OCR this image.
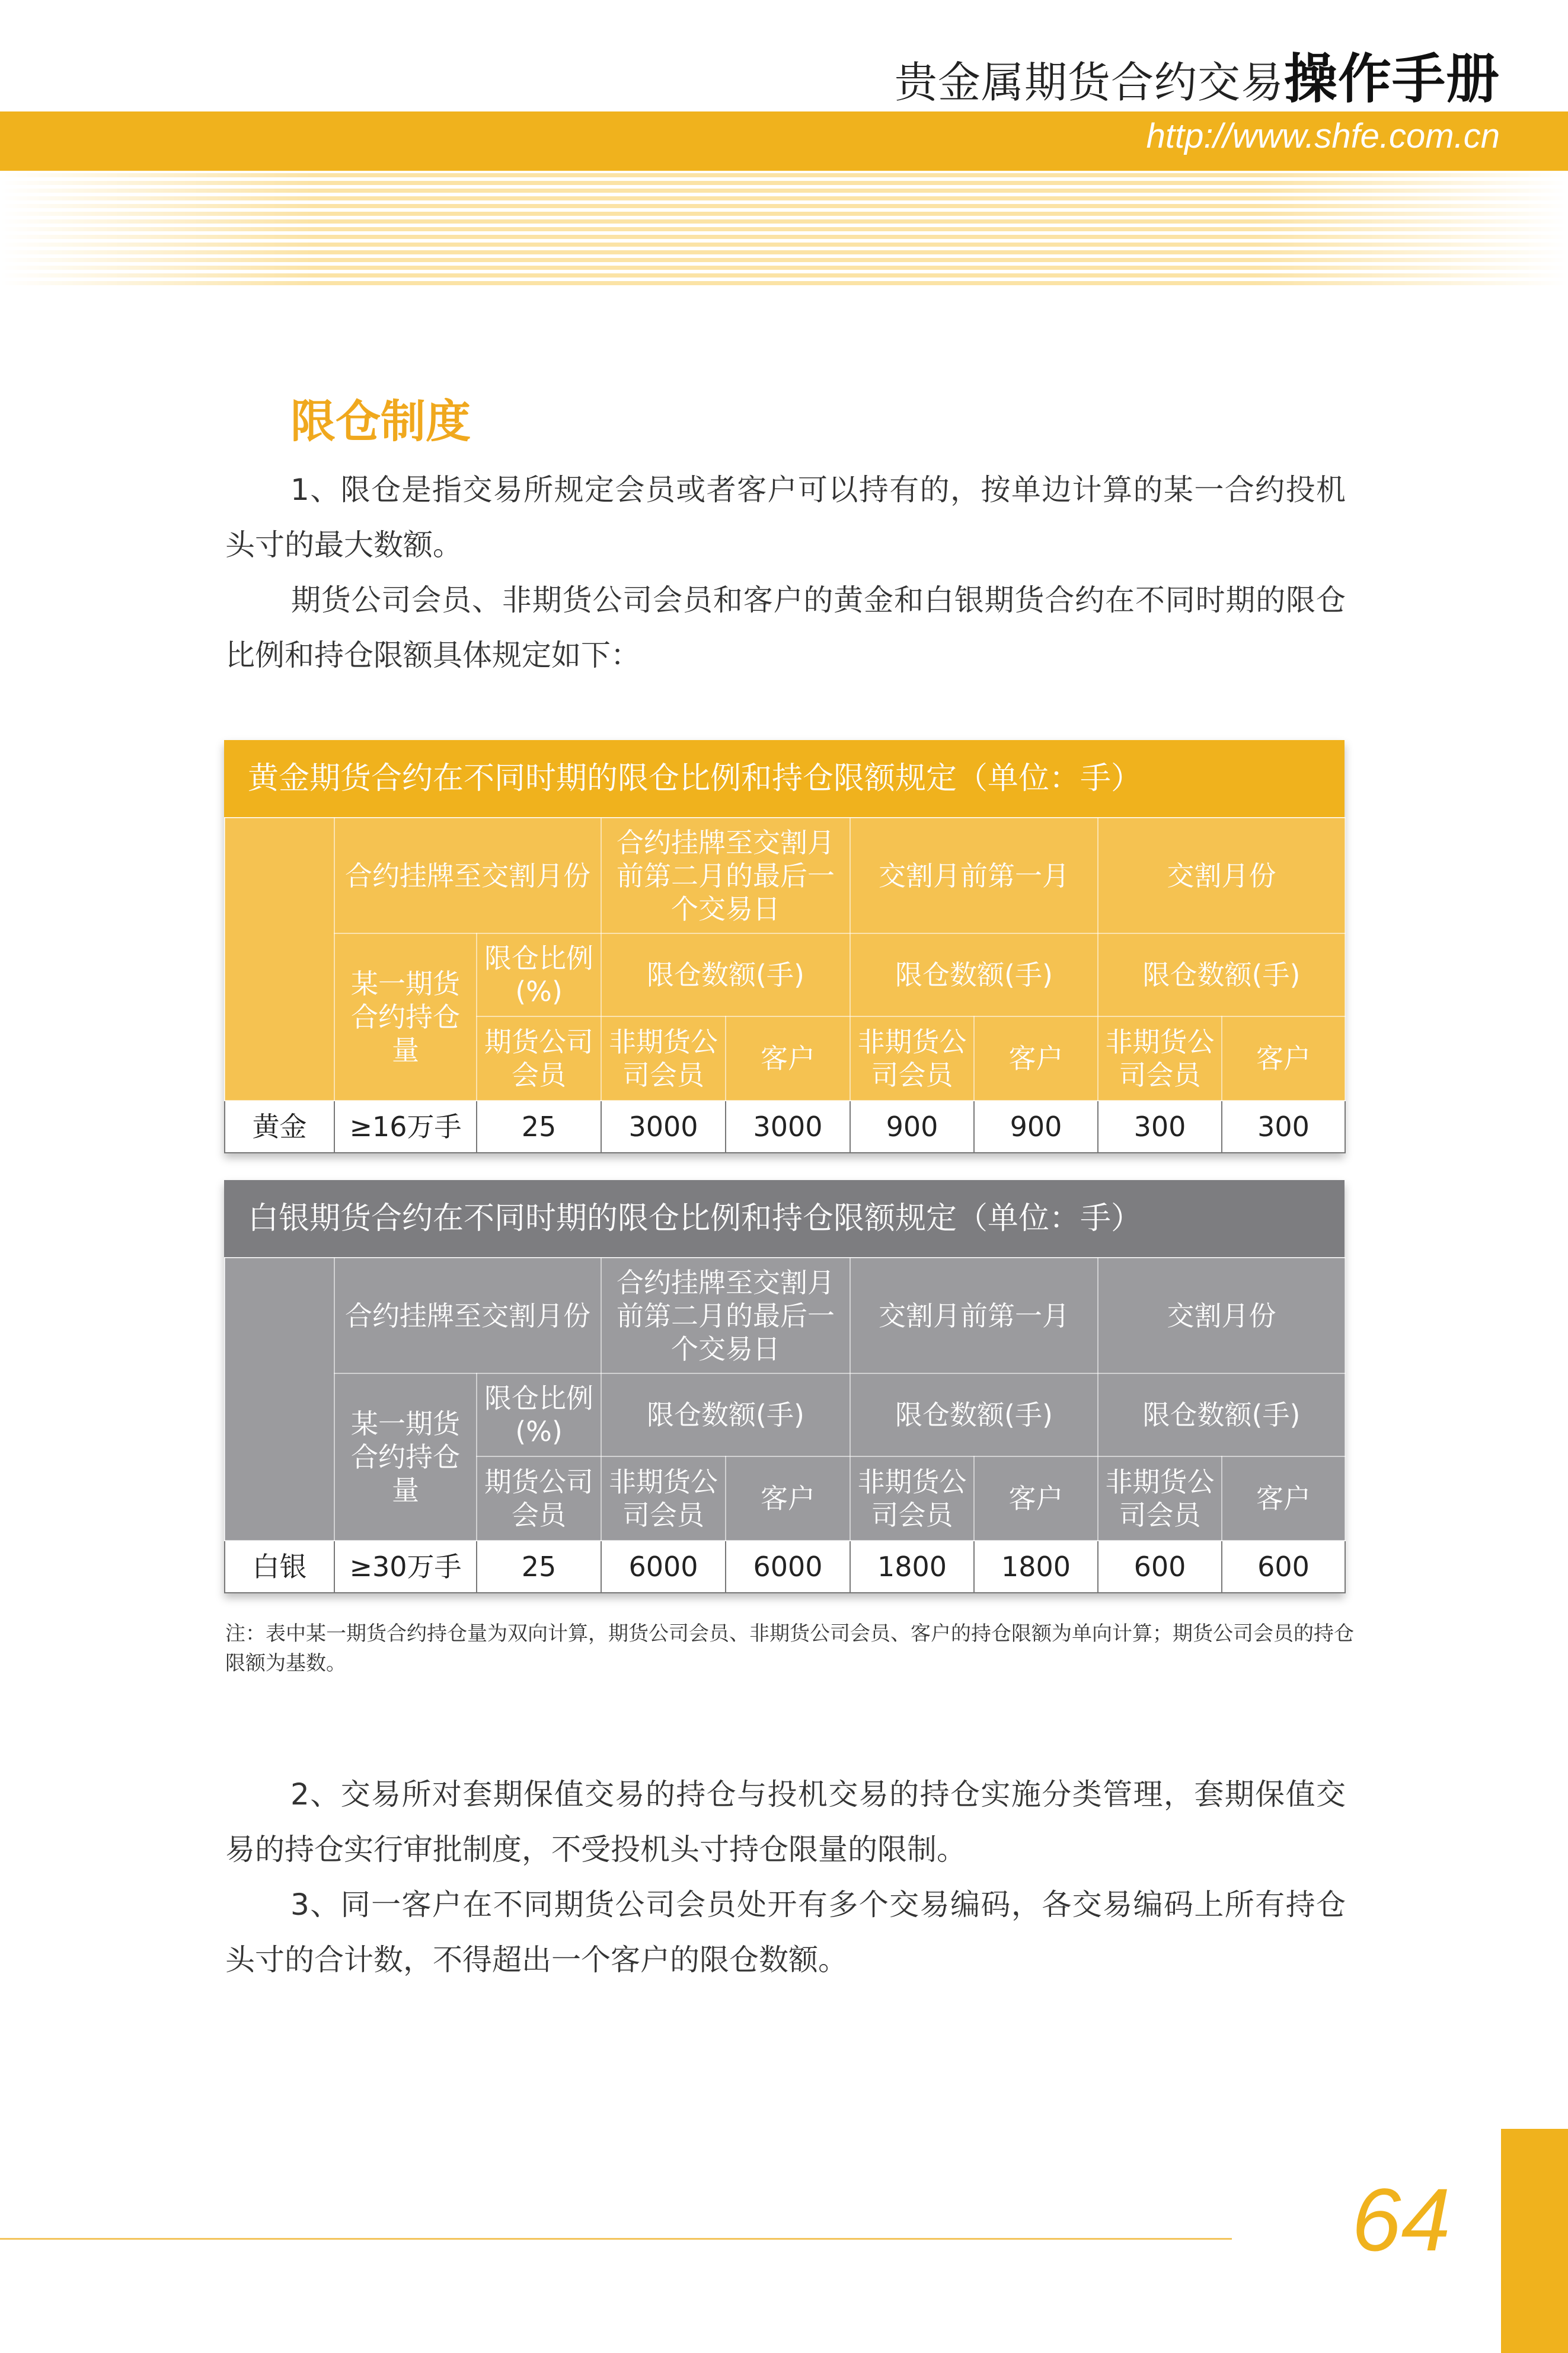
贵金属期货合约交易操作手册
http://www.shfe.com.cn
限仓制度
1、限仓是指交易所规定会员或者客户可以持有的，按单边计算的某一合约投机头寸的最大数额。
期货公司会员、非期货公司会员和客户的黄金和白银期货合约在不同时期的限仓比例和持仓限额具体规定如下：
黄金期货合约在不同时期的限仓比例和持仓限额规定（单位：手）
	合约挂牌至交割月份		合约挂牌至交割月前第二月的最后一个交易日		交割月前第一月		交割月份	
	某一期货合约持仓量	限仓比例(%)	限仓数额(手)		限仓数额(手)		限仓数额(手)	
		期货公司会员	非期货公司会员	客户	非期货公司会员	客户	非期货公司会员	客户
黄金	≥16万手	25	3000	3000	900	900	300	300
白银期货合约在不同时期的限仓比例和持仓限额规定（单位：手）
	合约挂牌至交割月份		合约挂牌至交割月前第二月的最后一个交易日		交割月前第一月		交割月份	
	某一期货合约持仓量	限仓比例(%)	限仓数额(手)		限仓数额(手)		限仓数额(手)	
		期货公司会员	非期货公司会员	客户	非期货公司会员	客户	非期货公司会员	客户
白银	≥30万手	25	6000	6000	1800	1800	600	600
注：表中某一期货合约持仓量为双向计算，期货公司会员、非期货公司会员、客户的持仓限额为单向计算；期货公司会员的持仓限额为基数。
2、交易所对套期保值交易的持仓与投机交易的持仓实施分类管理，套期保值交易的持仓实行审批制度，不受投机头寸持仓限量的限制。
3、同一客户在不同期货公司会员处开有多个交易编码，各交易编码上所有持仓头寸的合计数，不得超出一个客户的限仓数额。
64
